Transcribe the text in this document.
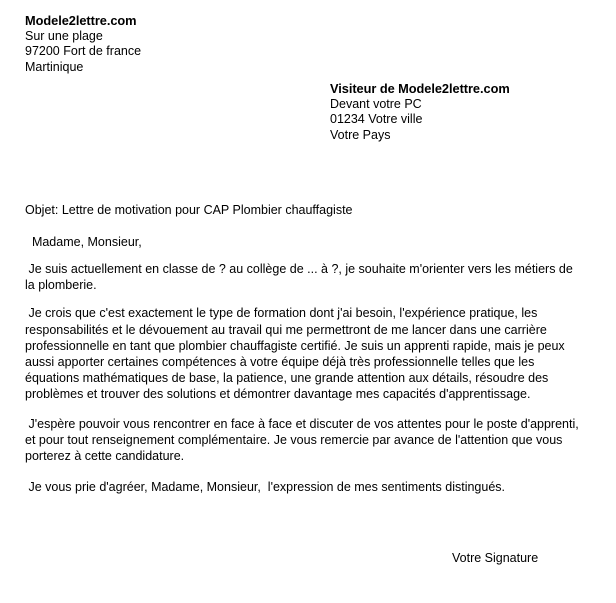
Modele2lettre.com
Sur une plage
97200 Fort de france
Martinique
Visiteur de Modele2lettre.com
Devant votre PC
01234 Votre ville
Votre Pays
Objet: Lettre de motivation pour CAP Plombier chauffagiste
Madame, Monsieur,

Je suis actuellement en classe de ? au collège de ... à ?, je souhaite m'orienter vers les métiers de la plomberie.

Je crois que c'est exactement le type de formation dont j'ai besoin, l'expérience pratique, les responsabilités et le dévouement au travail qui me permettront de me lancer dans une carrière professionnelle en tant que plombier chauffagiste certifié. Je suis un apprenti rapide, mais je peux aussi apporter certaines compétences à votre équipe déjà très professionnelle telles que les équations mathématiques de base, la patience, une grande attention aux détails, résoudre des problèmes et trouver des solutions et démontrer davantage mes capacités d'apprentissage.

J'espère pouvoir vous rencontrer en face à face et discuter de vos attentes pour le poste d'apprenti, et pour tout renseignement complémentaire. Je vous remercie par avance de l'attention que vous porterez à cette candidature.

Je vous prie d'agréer, Madame, Monsieur,  l'expression de mes sentiments distingués.
Votre Signature
